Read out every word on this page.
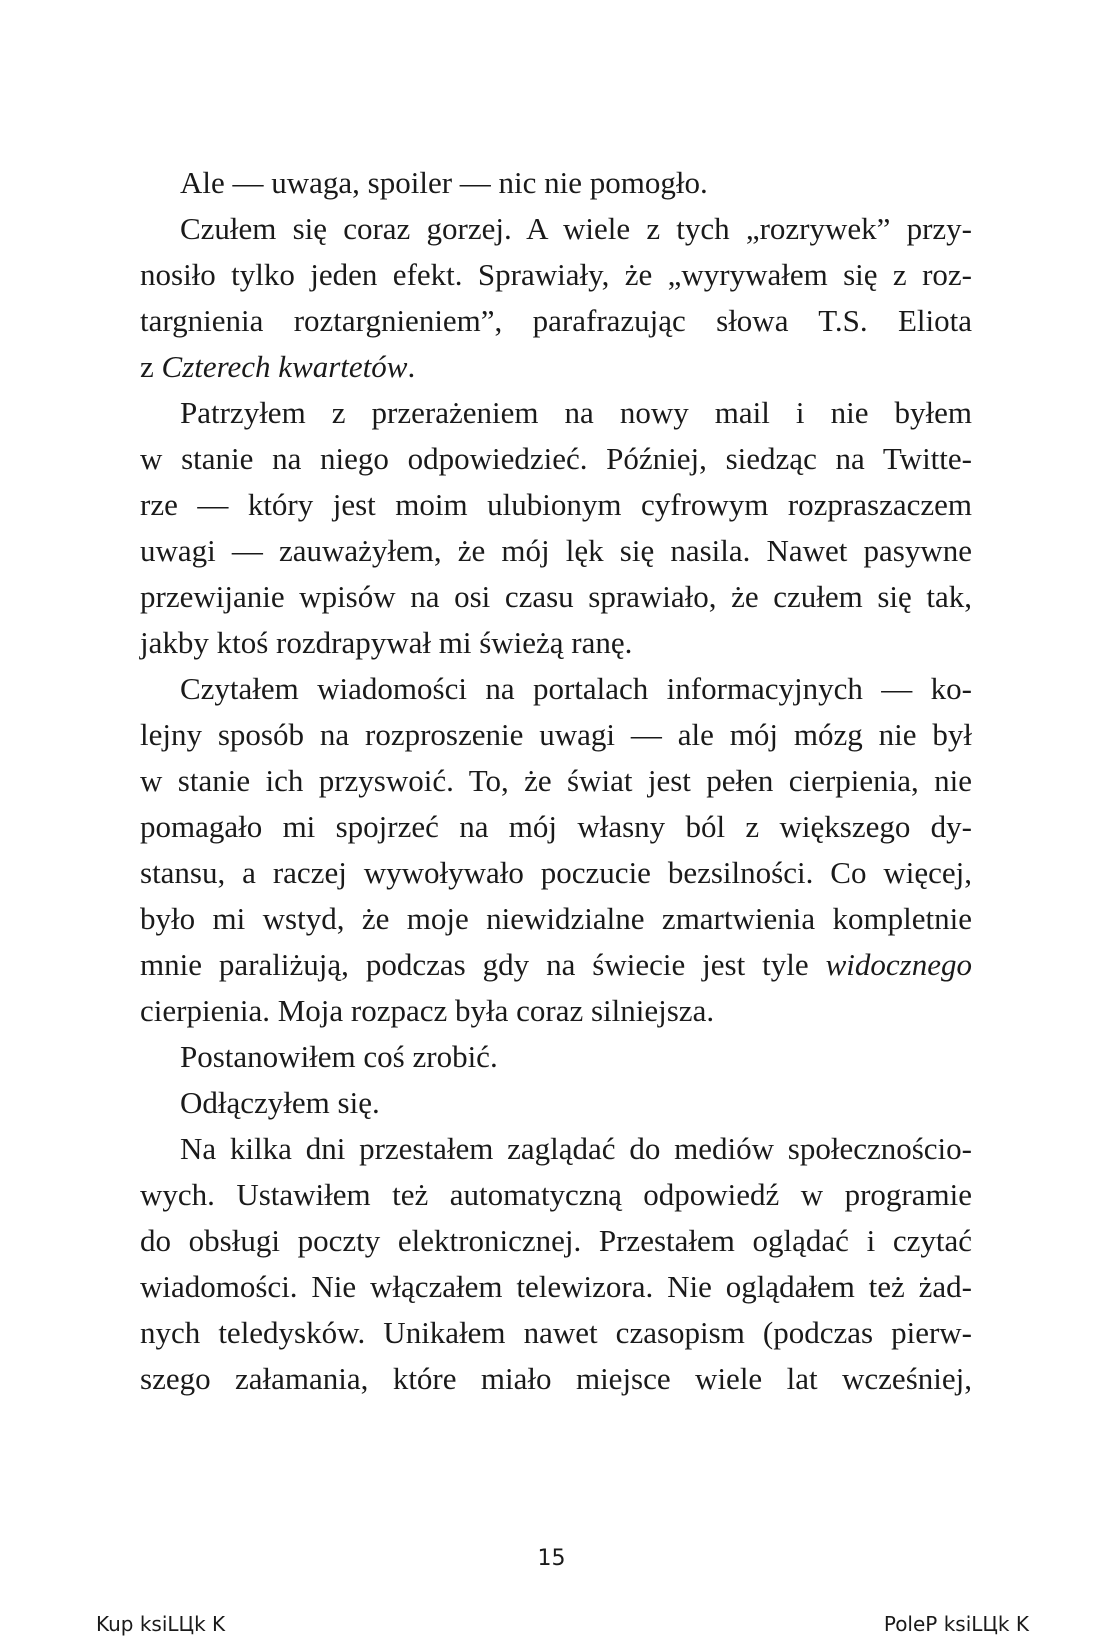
Ale — uwaga, spoiler — nic nie pomogło.
Czułem się coraz gorzej. A wiele z tych „rozrywek” przy-
nosiło tylko jeden efekt. Sprawiały, że „wyrywałem się z roz-
targnienia roztargnieniem”, parafrazując słowa T.S. Eliota
z Czterech kwartetów.
Patrzyłem z przerażeniem na nowy mail i nie byłem
w stanie na niego odpowiedzieć. Później, siedząc na Twitte-
rze — który jest moim ulubionym cyfrowym rozpraszaczem
uwagi — zauważyłem, że mój lęk się nasila. Nawet pasywne
przewijanie wpisów na osi czasu sprawiało, że czułem się tak,
jakby ktoś rozdrapywał mi świeżą ranę.
Czytałem wiadomości na portalach informacyjnych — ko-
lejny sposób na rozproszenie uwagi — ale mój mózg nie był
w stanie ich przyswoić. To, że świat jest pełen cierpienia, nie
pomagało mi spojrzeć na mój własny ból z większego dy-
stansu, a raczej wywoływało poczucie bezsilności. Co więcej,
było mi wstyd, że moje niewidzialne zmartwienia kompletnie
mnie paraliżują, podczas gdy na świecie jest tyle widocznego
cierpienia. Moja rozpacz była coraz silniejsza.
Postanowiłem coś zrobić.
Odłączyłem się.
Na kilka dni przestałem zaglądać do mediów społecznościo-
wych. Ustawiłem też automatyczną odpowiedź w programie
do obsługi poczty elektronicznej. Przestałem oglądać i czytać
wiadomości. Nie włączałem telewizora. Nie oglądałem też żad-
nych teledysków. Unikałem nawet czasopism (podczas pierw-
szego załamania, które miało miejsce wiele lat wcześniej,
15
Kup ksiLЦk K	PoleP ksiLЦk K
